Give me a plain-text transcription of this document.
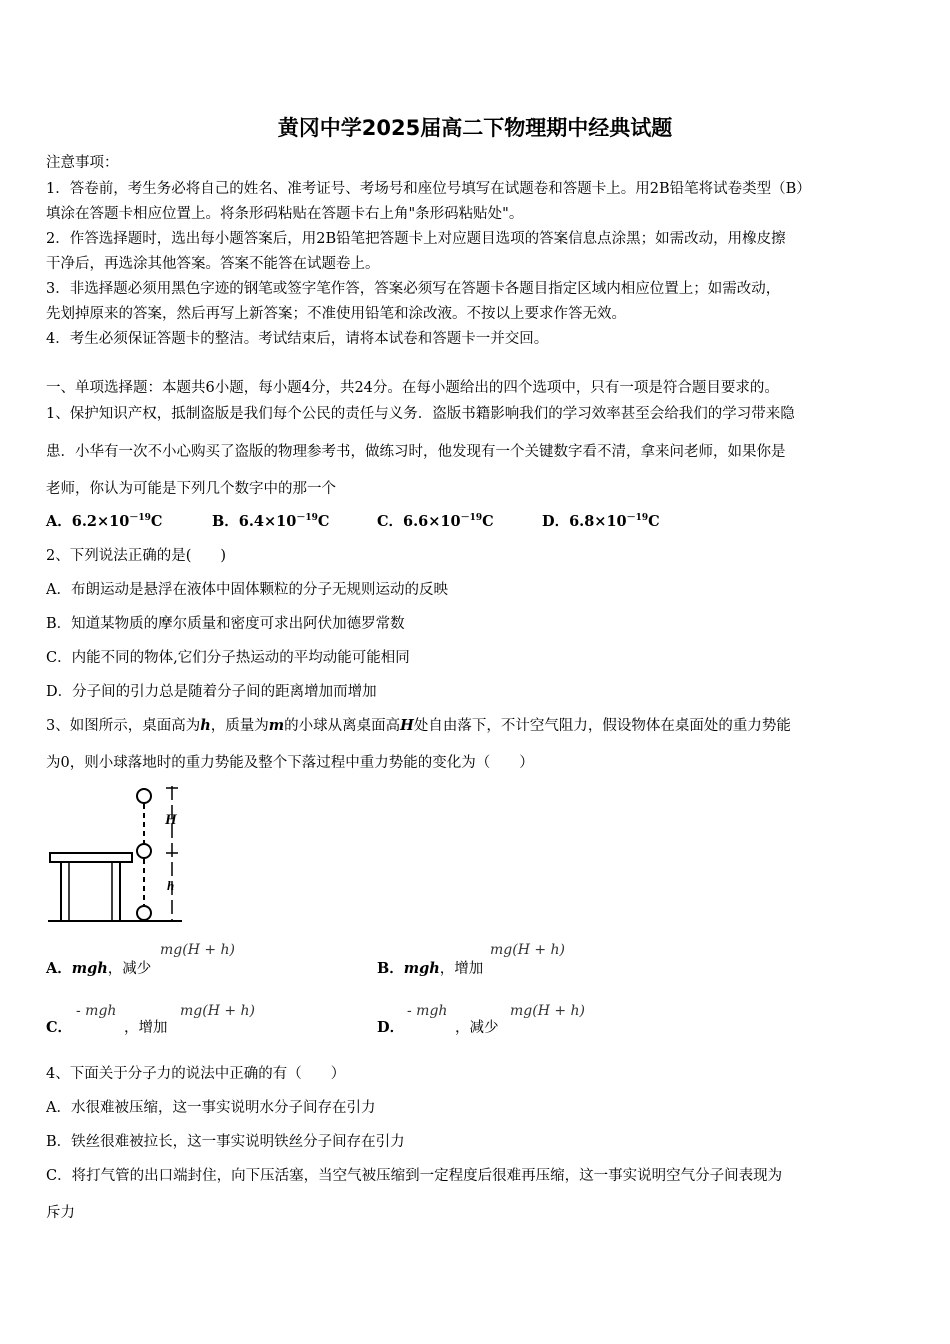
黄冈中学2025届高二下物理期中经典试题
注意事项：
1．答卷前，考生务必将自己的姓名、准考证号、考场号和座位号填写在试题卷和答题卡上。用2B铅笔将试卷类型（B）
填涂在答题卡相应位置上。将条形码粘贴在答题卡右上角"条形码粘贴处"。
2．作答选择题时，选出每小题答案后，用2B铅笔把答题卡上对应题目选项的答案信息点涂黑；如需改动，用橡皮擦
干净后，再选涂其他答案。答案不能答在试题卷上。
3．非选择题必须用黑色字迹的钢笔或签字笔作答，答案必须写在答题卡各题目指定区域内相应位置上；如需改动，
先划掉原来的答案，然后再写上新答案；不准使用铅笔和涂改液。不按以上要求作答无效。
4．考生必须保证答题卡的整洁。考试结束后，请将本试卷和答题卡一并交回。
一、单项选择题：本题共6小题，每小题4分，共24分。在每小题给出的四个选项中，只有一项是符合题目要求的。
1、保护知识产权，抵制盗版是我们每个公民的责任与义务．盗版书籍影响我们的学习效率甚至会给我们的学习带来隐
患．小华有一次不小心购买了盗版的物理参考书，做练习时，他发现有一个关键数字看不清，拿来问老师，如果你是
老师，你认为可能是下列几个数字中的那一个
A．$6.2\times 10^{-19}C$	B．$6.4\times 10^{-19}C$	C．$6.6\times 10^{-19}C$	D．$6.8\times 10^{-19}C$
2、下列说法正确的是(　　)
A．布朗运动是悬浮在液体中固体颗粒的分子无规则运动的反映
B．知道某物质的摩尔质量和密度可求出阿伏加德罗常数
C．内能不同的物体,它们分子热运动的平均动能可能相同
D．分子间的引力总是随着分子间的距离增加而增加
3、如图所示，桌面高为h，质量为m的小球从离桌面高H处自由落下，不计空气阻力，假设物体在桌面处的重力势能
为0，则小球落地时的重力势能及整个下落过程中重力势能的变化为（　　）
H
h
A．mgh，减少
mg(H + h)
B．mgh，增加
mg(H + h)
C．
- mgh
，增加
mg(H + h)
D．
- mgh
，减少
mg(H + h)
4、下面关于分子力的说法中正确的有（　　）
A．水很难被压缩，这一事实说明水分子间存在引力
B．铁丝很难被拉长，这一事实说明铁丝分子间存在引力
C．将打气管的出口端封住，向下压活塞，当空气被压缩到一定程度后很难再压缩，这一事实说明空气分子间表现为
斥力
